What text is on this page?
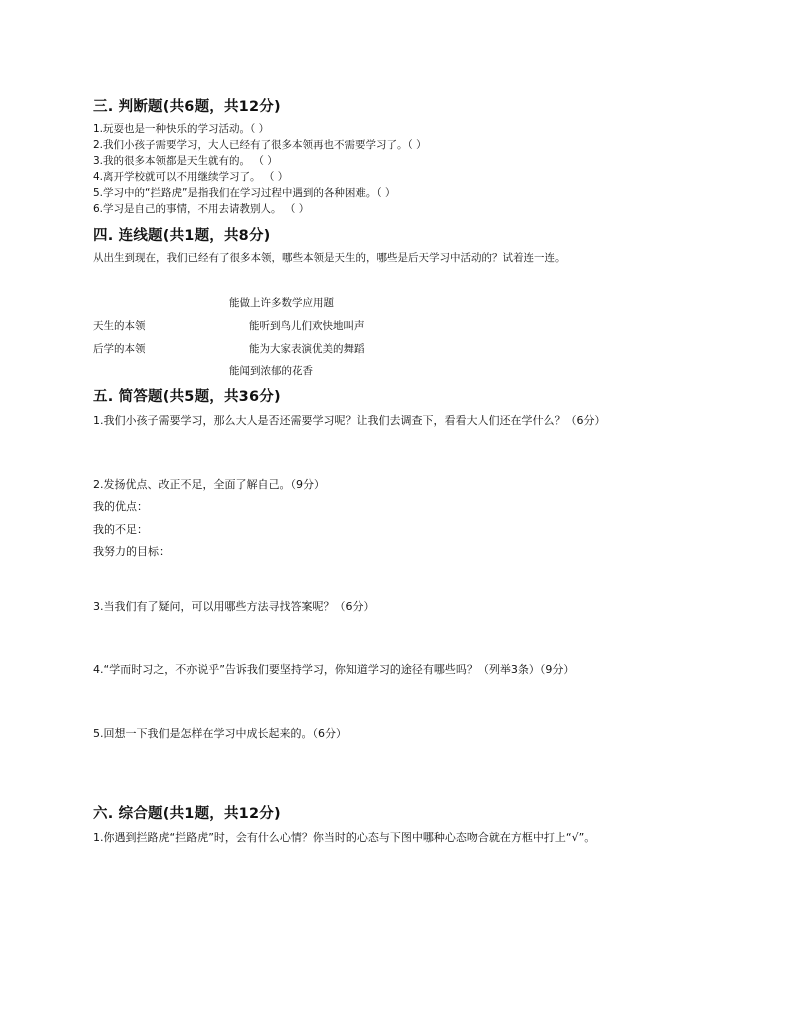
三. 判断题(共6题，共12分)
1.玩耍也是一种快乐的学习活动。（ ）
2.我们小孩子需要学习，大人已经有了很多本领再也不需要学习了。（ ）
3.我的很多本领都是天生就有的。 （ ）
4.离开学校就可以不用继续学习了。 （ ）
5.学习中的“拦路虎”是指我们在学习过程中遇到的各种困难。（ ）
6.学习是自己的事情，不用去请教别人。 （ ）
四. 连线题(共1题，共8分)
从出生到现在，我们已经有了很多本领，哪些本领是天生的，哪些是后天学习中活动的？试着连一连。
能做上许多数学应用题
天生的本领	能听到鸟儿们欢快地叫声
后学的本领	能为大家表演优美的舞蹈
能闻到浓郁的花香
五. 简答题(共5题，共36分)
1.我们小孩子需要学习，那么大人是否还需要学习呢？让我们去调查下，看看大人们还在学什么？（6分）
2.发扬优点、改正不足，全面了解自己。（9分）
我的优点：
我的不足：
我努力的目标：
3.当我们有了疑问，可以用哪些方法寻找答案呢？（6分）
4.“学而时习之，不亦说乎”告诉我们要坚持学习，你知道学习的途径有哪些吗？（列举3条）（9分）
5.回想一下我们是怎样在学习中成长起来的。（6分）
六. 综合题(共1题，共12分)
1.你遇到拦路虎“拦路虎”时，会有什么心情？你当时的心态与下图中哪种心态吻合就在方框中打上“√”。
